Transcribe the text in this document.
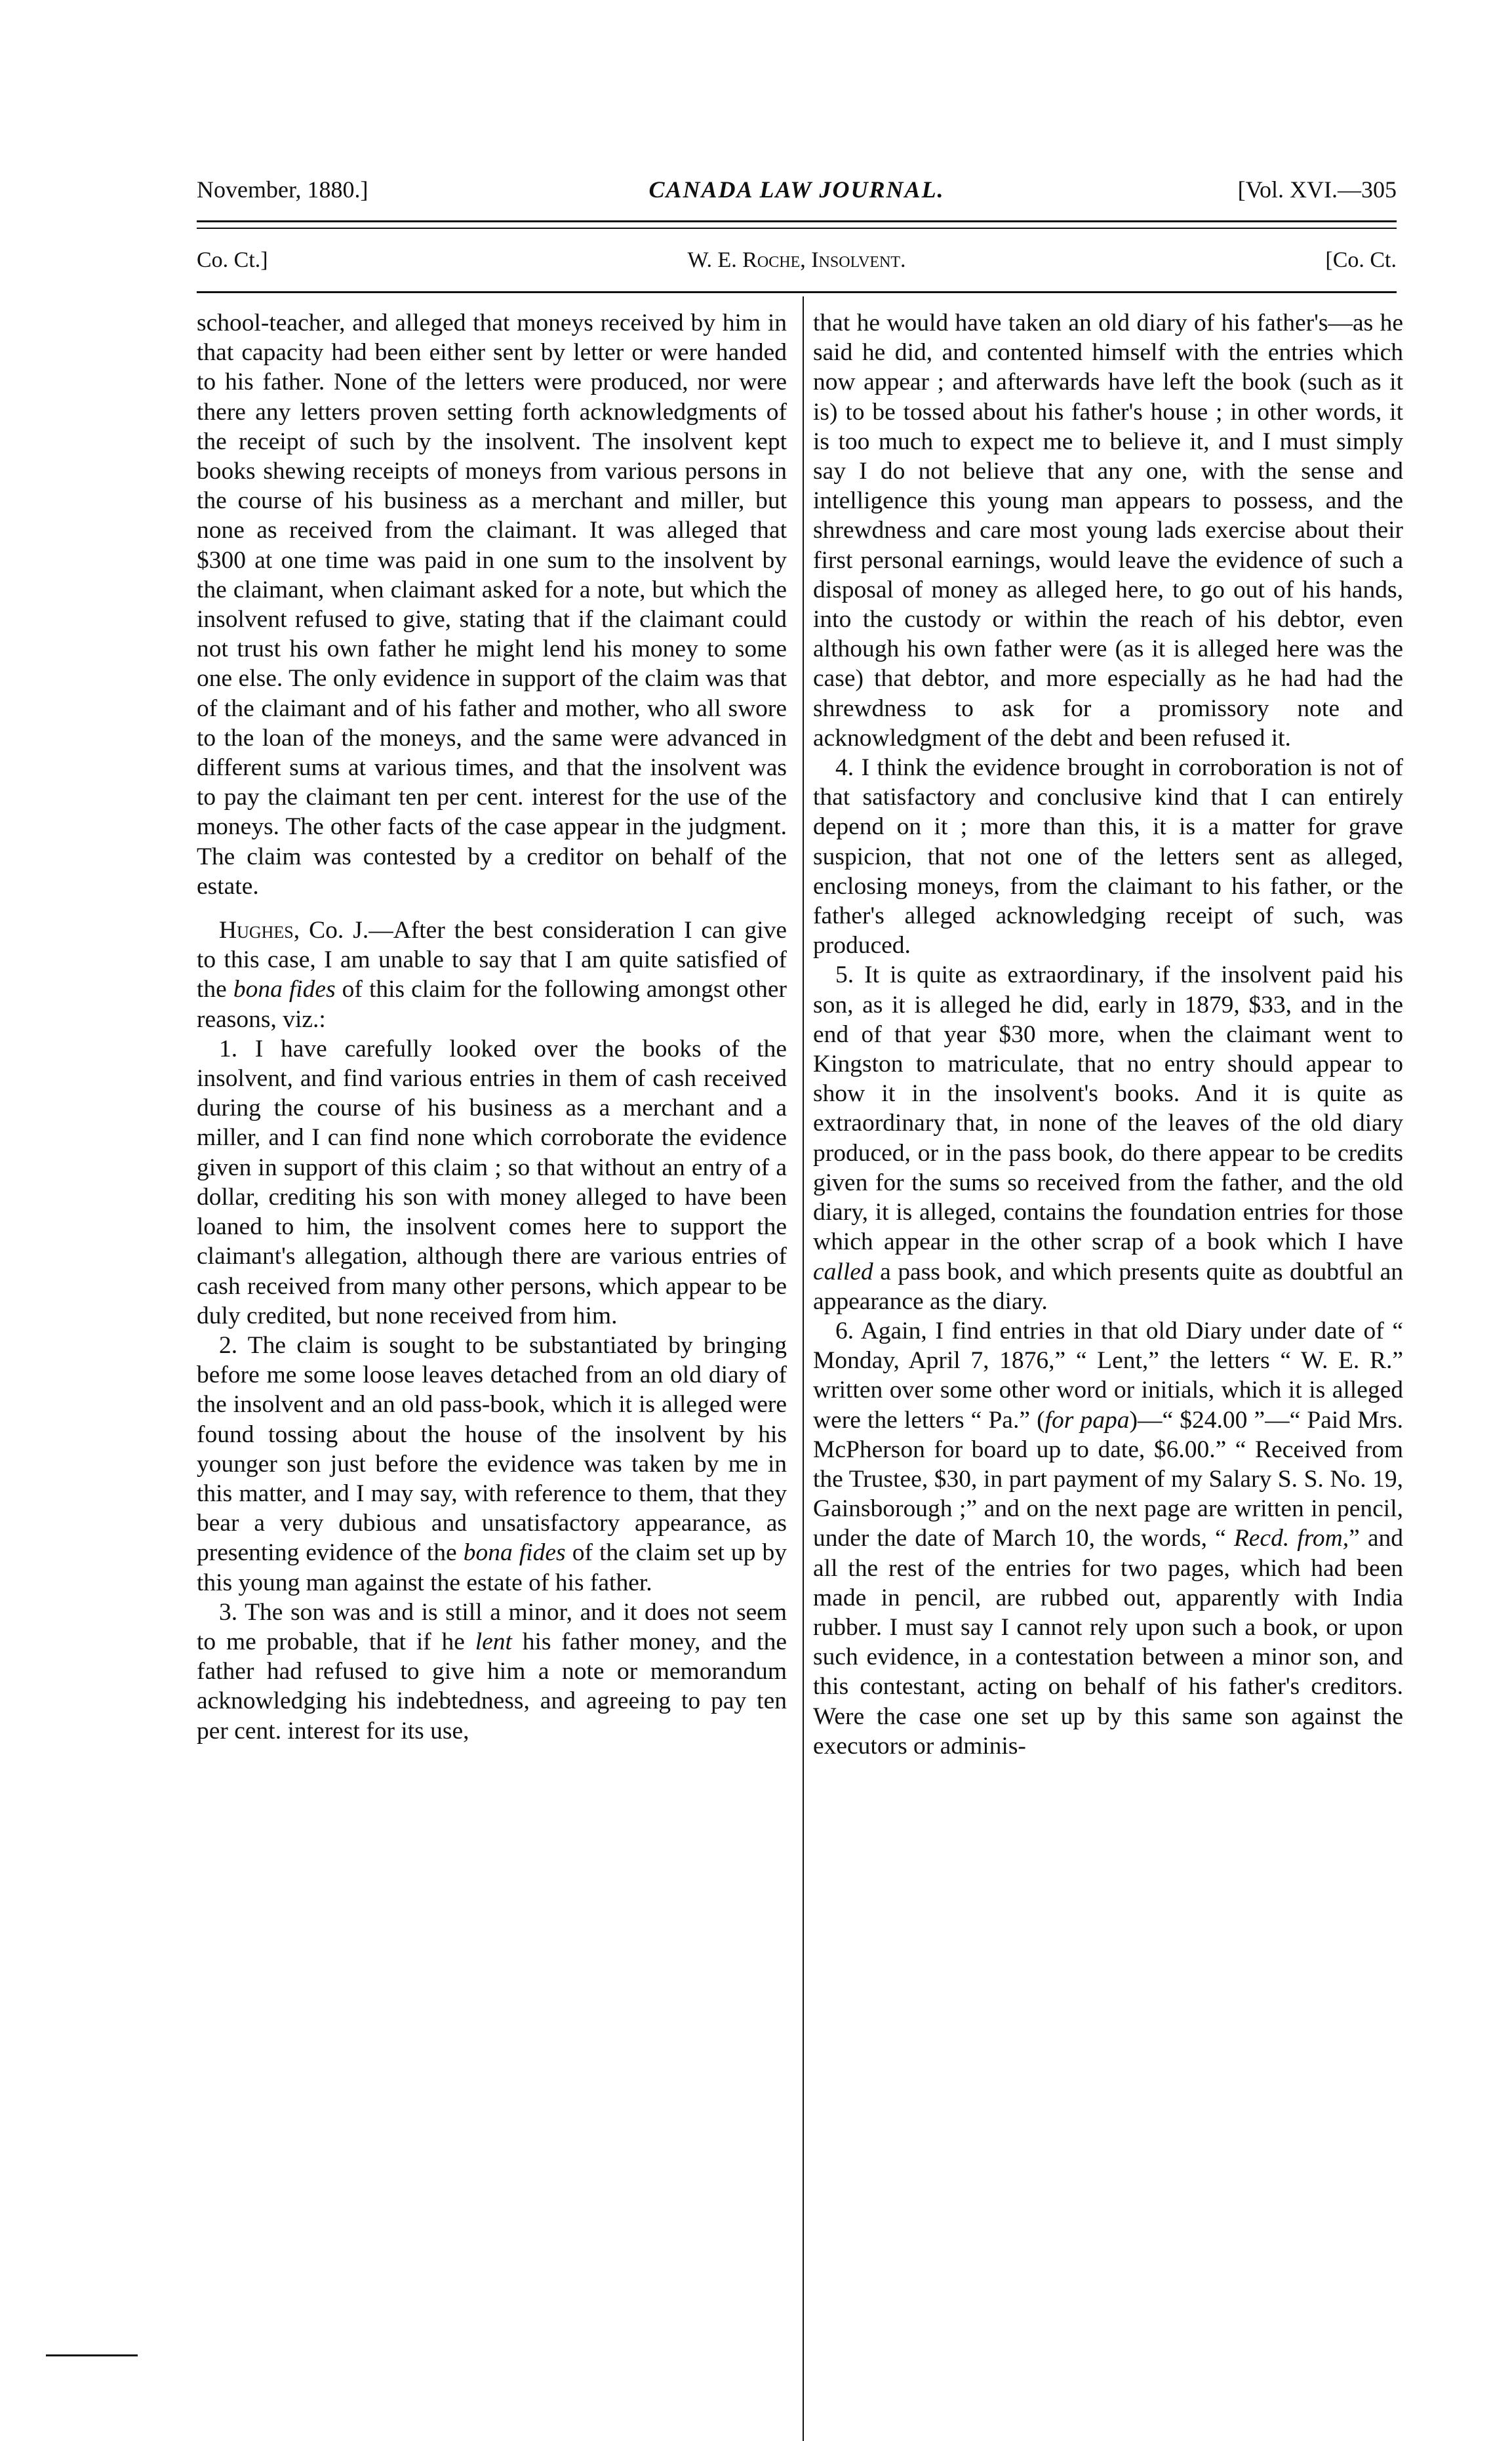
November, 1880.]	CANADA LAW JOURNAL.	[Vol. XVI.—305
Co. Ct.]	W. E. Roche, Insolvent.	[Co. Ct.

school-teacher, and alleged that moneys received by him in that capacity had been either sent by letter or were handed to his father. None of the letters were produced, nor were there any letters proven setting forth acknowledgments of the receipt of such by the insolvent. The insolvent kept books shewing receipts of moneys from various persons in the course of his business as a merchant and miller, but none as received from the claimant. It was alleged that $300 at one time was paid in one sum to the insolvent by the claimant, when claimant asked for a note, but which the insolvent refused to give, stating that if the claimant could not trust his own father he might lend his money to some one else. The only evidence in support of the claim was that of the claimant and of his father and mother, who all swore to the loan of the moneys, and the same were advanced in different sums at various times, and that the insolvent was to pay the claimant ten per cent. interest for the use of the moneys. The other facts of the case appear in the judgment. The claim was contested by a creditor on behalf of the estate.

Hughes, Co. J.—After the best consideration I can give to this case, I am unable to say that I am quite satisfied of the bona fides of this claim for the following amongst other reasons, viz.:

1. I have carefully looked over the books of the insolvent, and find various entries in them of cash received during the course of his business as a merchant and a miller, and I can find none which corroborate the evidence given in support of this claim ; so that without an entry of a dollar, crediting his son with money alleged to have been loaned to him, the insolvent comes here to support the claimant's allegation, although there are various entries of cash received from many other persons, which appear to be duly credited, but none received from him.

2. The claim is sought to be substantiated by bringing before me some loose leaves detached from an old diary of the insolvent and an old pass-book, which it is alleged were found tossing about the house of the insolvent by his younger son just before the evidence was taken by me in this matter, and I may say, with reference to them, that they bear a very dubious and unsatisfactory appearance, as presenting evidence of the bona fides of the claim set up by this young man against the estate of his father.

3. The son was and is still a minor, and it does not seem to me probable, that if he lent his father money, and the father had refused to give him a note or memorandum acknowledging his indebtedness, and agreeing to pay ten per cent. interest for its use,

that he would have taken an old diary of his father's—as he said he did, and contented himself with the entries which now appear ; and afterwards have left the book (such as it is) to be tossed about his father's house ; in other words, it is too much to expect me to believe it, and I must simply say I do not believe that any one, with the sense and intelligence this young man appears to possess, and the shrewdness and care most young lads exercise about their first personal earnings, would leave the evidence of such a disposal of money as alleged here, to go out of his hands, into the custody or within the reach of his debtor, even although his own father were (as it is alleged here was the case) that debtor, and more especially as he had had the shrewdness to ask for a promissory note and acknowledgment of the debt and been refused it.

4. I think the evidence brought in corroboration is not of that satisfactory and conclusive kind that I can entirely depend on it ; more than this, it is a matter for grave suspicion, that not one of the letters sent as alleged, enclosing moneys, from the claimant to his father, or the father's alleged acknowledging receipt of such, was produced.

5. It is quite as extraordinary, if the insolvent paid his son, as it is alleged he did, early in 1879, $33, and in the end of that year $30 more, when the claimant went to Kingston to matriculate, that no entry should appear to show it in the insolvent's books. And it is quite as extraordinary that, in none of the leaves of the old diary produced, or in the pass book, do there appear to be credits given for the sums so received from the father, and the old diary, it is alleged, contains the foundation entries for those which appear in the other scrap of a book which I have called a pass book, and which presents quite as doubtful an appearance as the diary.

6. Again, I find entries in that old Diary under date of “ Monday, April 7, 1876,” “ Lent,” the letters “ W. E. R.” written over some other word or initials, which it is alleged were the letters “ Pa.” (for papa)—“ $24.00 ”—“ Paid Mrs. McPherson for board up to date, $6.00.” “ Received from the Trustee, $30, in part payment of my Salary S. S. No. 19, Gainsborough ;” and on the next page are written in pencil, under the date of March 10, the words, “ Recd. from,” and all the rest of the entries for two pages, which had been made in pencil, are rubbed out, apparently with India rubber. I must say I cannot rely upon such a book, or upon such evidence, in a contestation between a minor son, and this contestant, acting on behalf of his father's creditors. Were the case one set up by this same son against the executors or adminis-
